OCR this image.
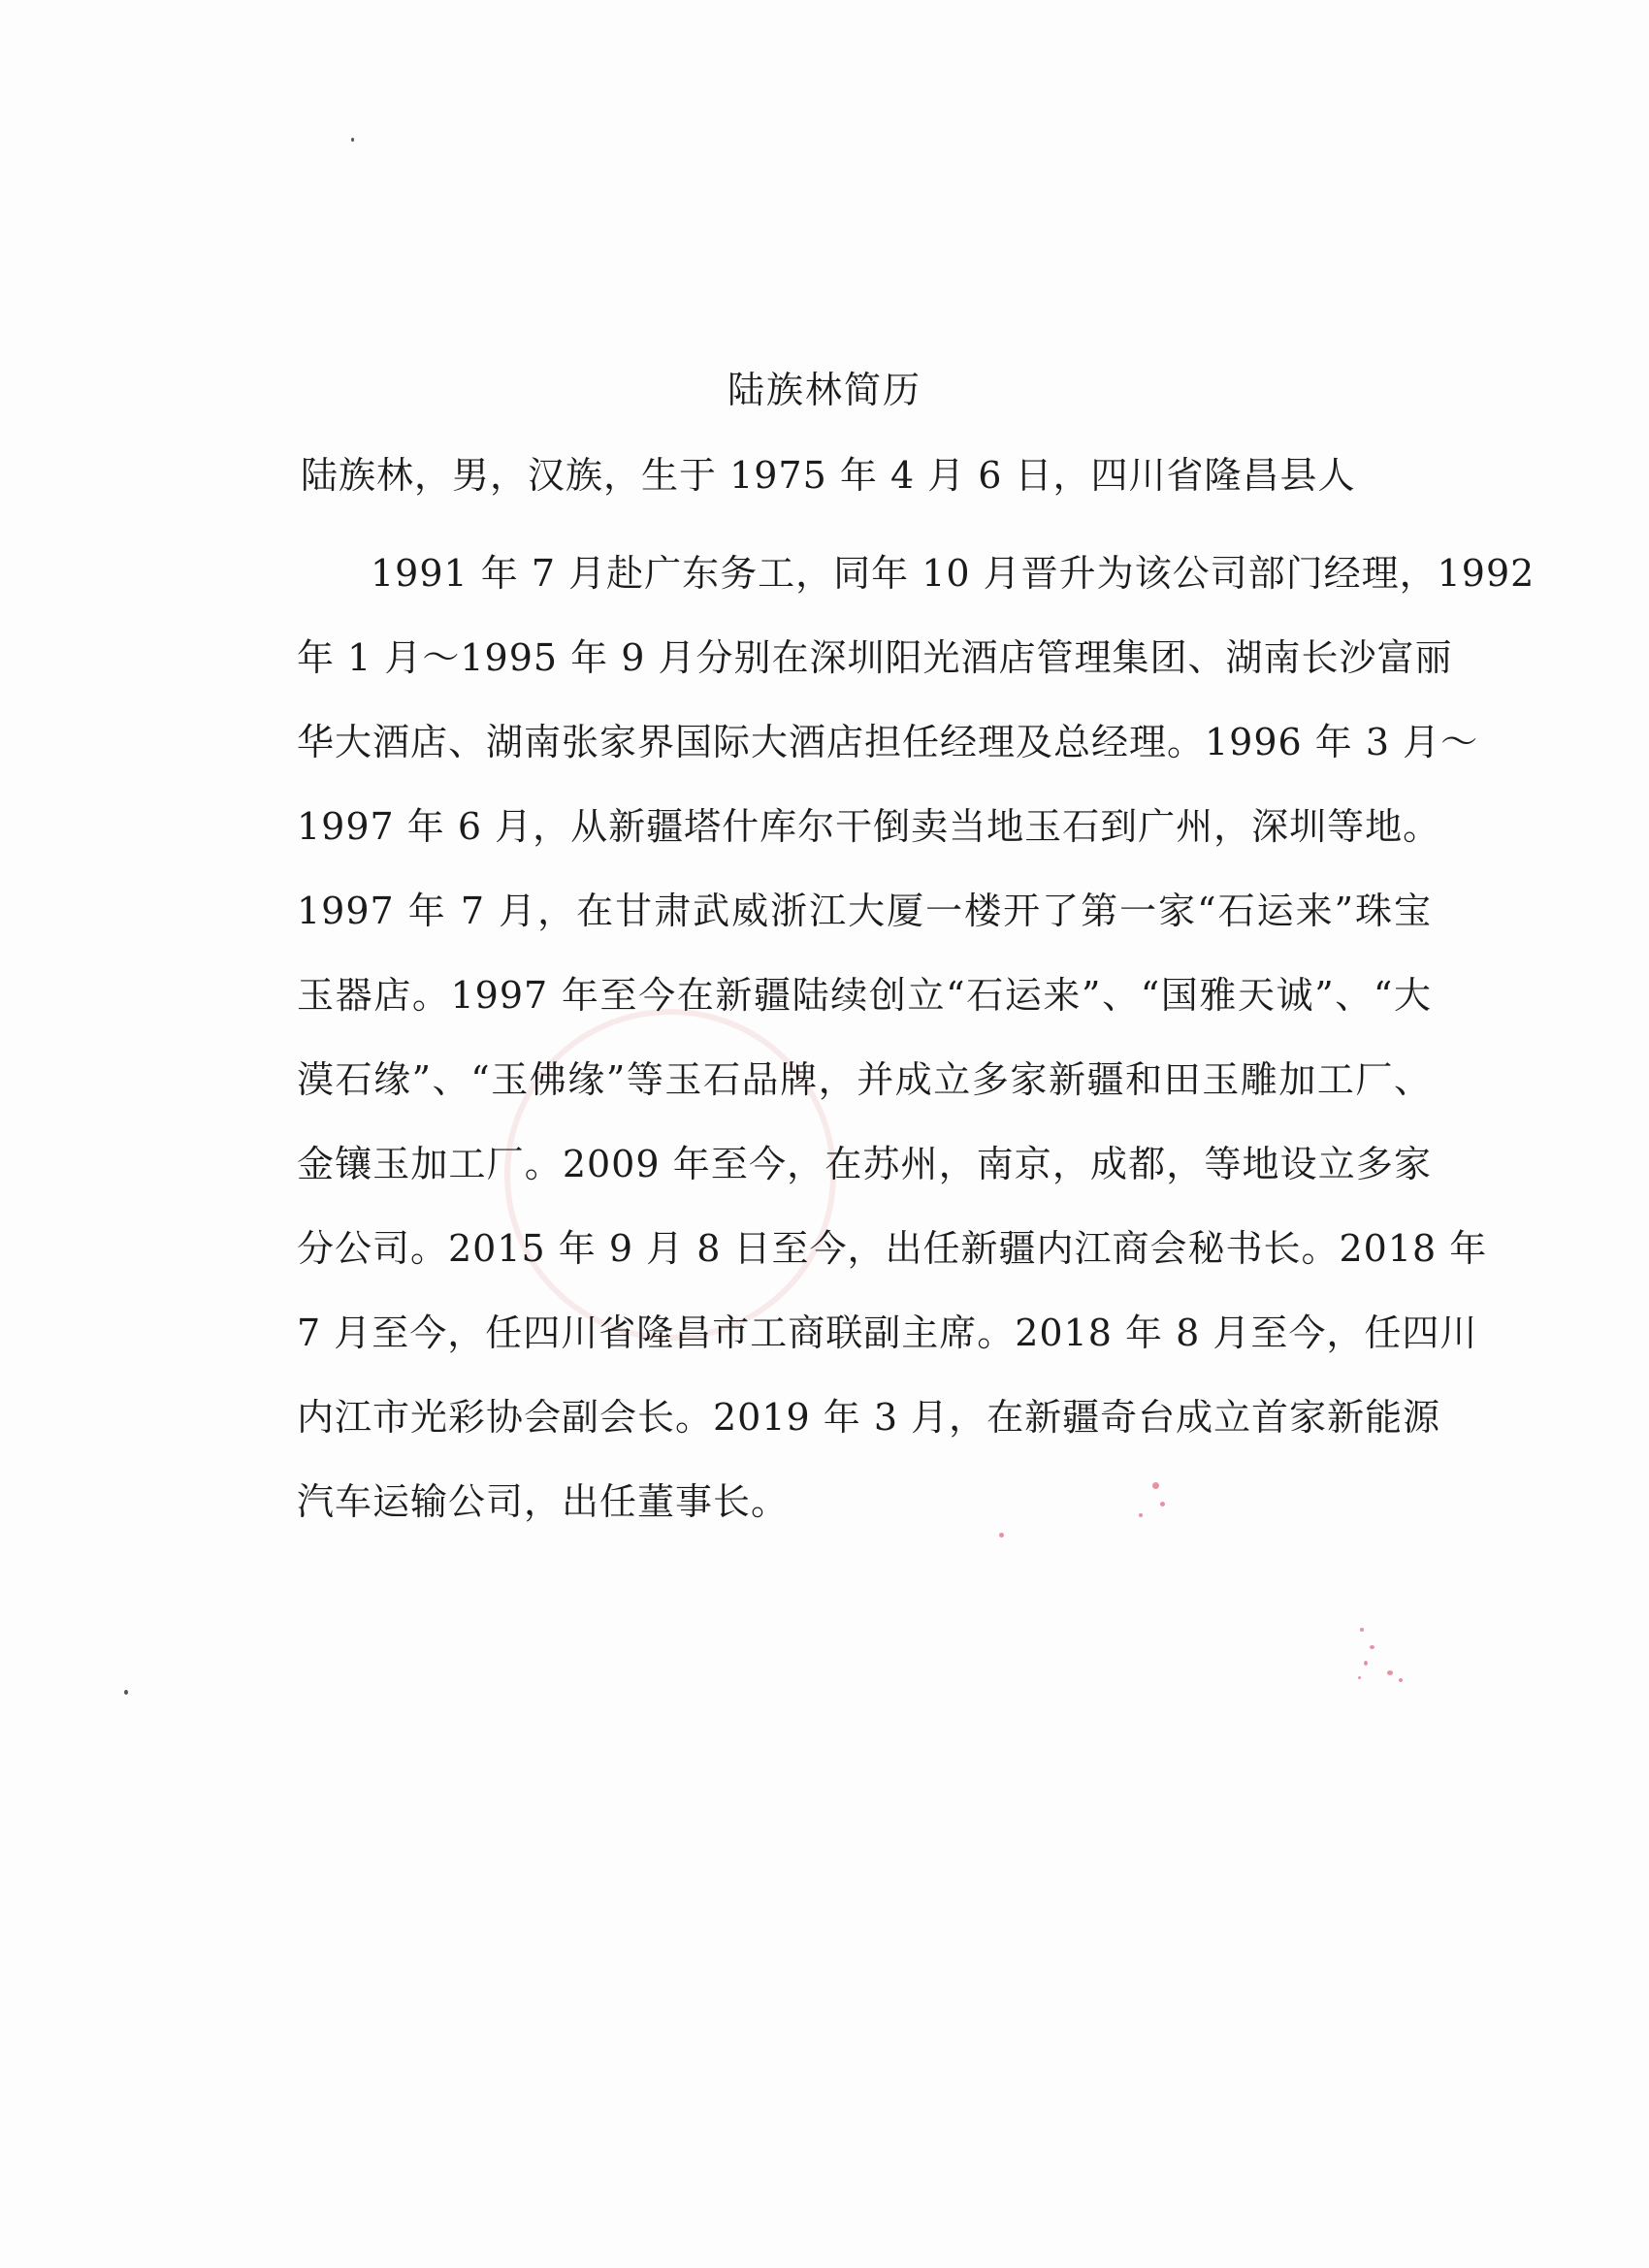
陆族林简历
陆族林，男，汉族，生于 1975 年 4 月 6 日，四川省隆昌县人
1991 年 7 月赴广东务工，同年 10 月晋升为该公司部门经理，1992
年 1 月～1995 年 9 月分别在深圳阳光酒店管理集团、湖南长沙富丽
华大酒店、湖南张家界国际大酒店担任经理及总经理。1996 年 3 月～
1997 年 6 月，从新疆塔什库尔干倒卖当地玉石到广州，深圳等地。
1997 年 7 月，在甘肃武威浙江大厦一楼开了第一家“石运来”珠宝
玉器店。1997 年至今在新疆陆续创立“石运来”、“国雅天诚”、“大
漠石缘”、“玉佛缘”等玉石品牌，并成立多家新疆和田玉雕加工厂、
金镶玉加工厂。2009 年至今，在苏州，南京，成都，等地设立多家
分公司。2015 年 9 月 8 日至今，出任新疆内江商会秘书长。2018 年
7 月至今，任四川省隆昌市工商联副主席。2018 年 8 月至今，任四川
内江市光彩协会副会长。2019 年 3 月，在新疆奇台成立首家新能源
汽车运输公司，出任董事长。
